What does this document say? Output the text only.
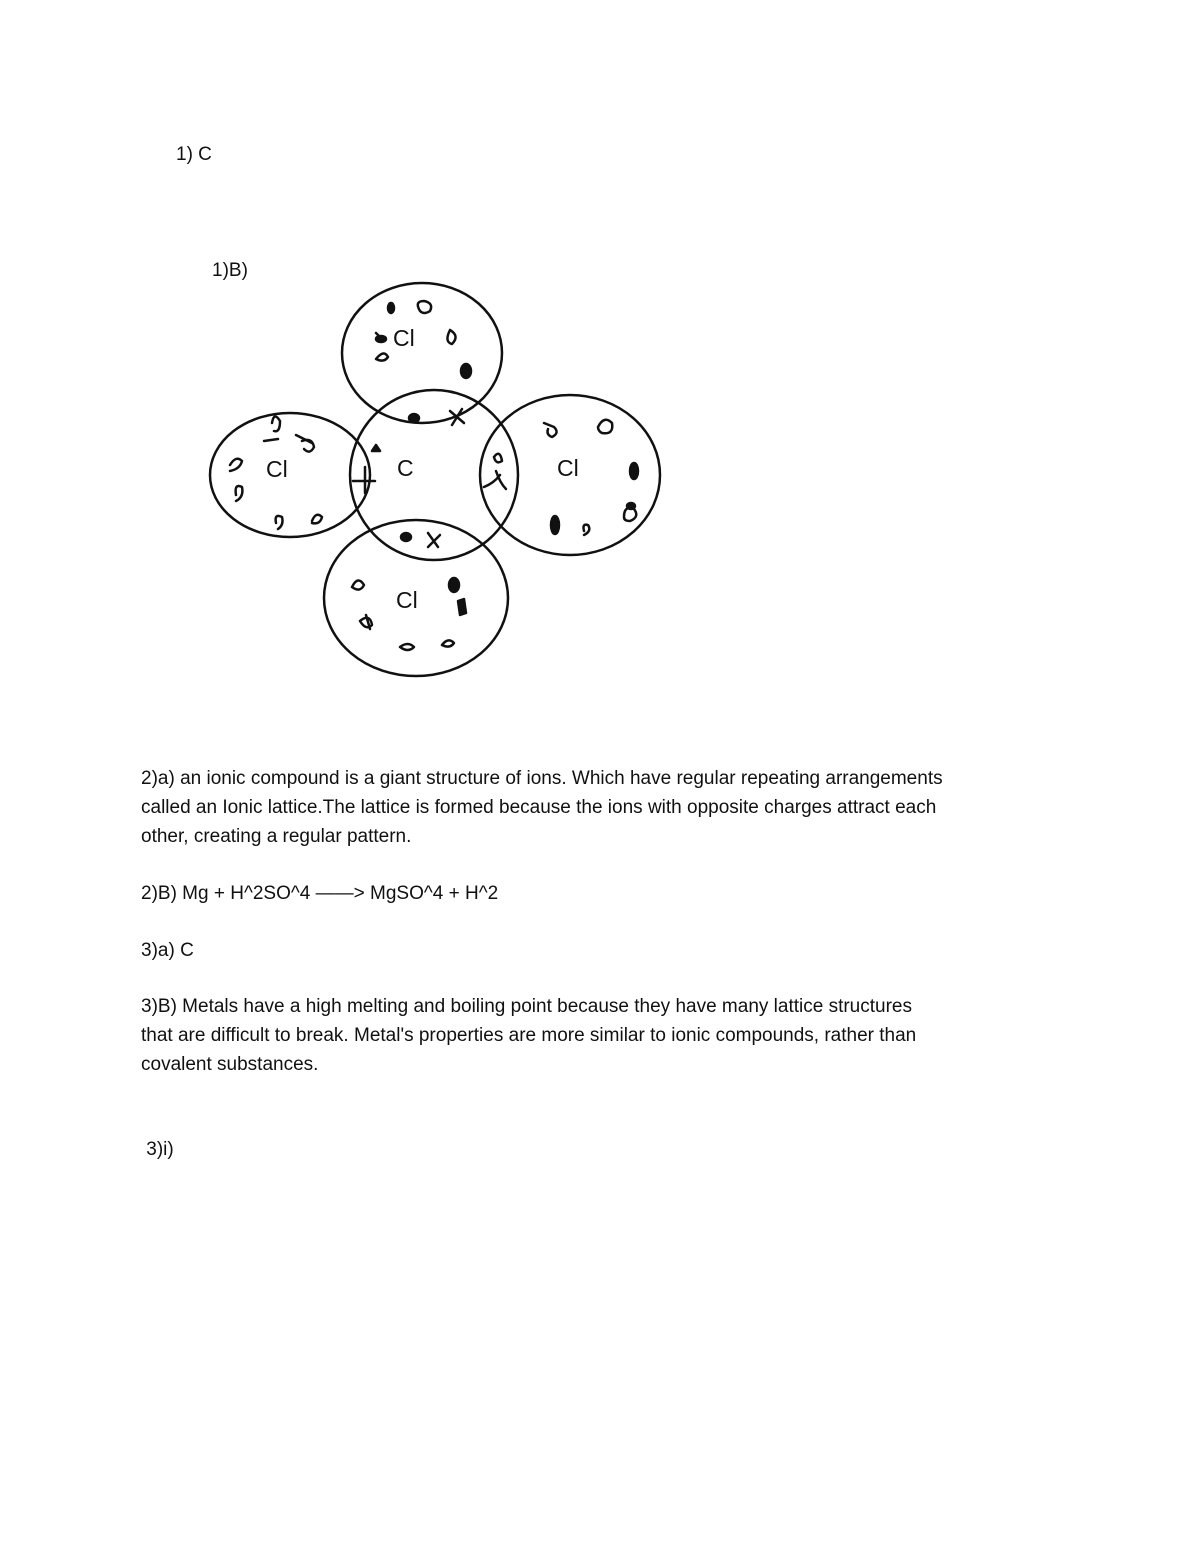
1) C

1)B)

Cl
C
Cl	Cl
Cl
2)a) an ionic compound is a giant structure of ions. Which have regular repeating arrangements
called an Ionic lattice.The lattice is formed because the ions with opposite charges attract each
other, creating a regular pattern.

2)B) Mg + H^2SO^4 ——> MgSO^4 + H^2

3)a) C

3)B) Metals have a high melting and boiling point because they have many lattice structures
that are difficult to break. Metal's properties are more similar to ionic compounds, rather than
covalent substances.

3)i)
